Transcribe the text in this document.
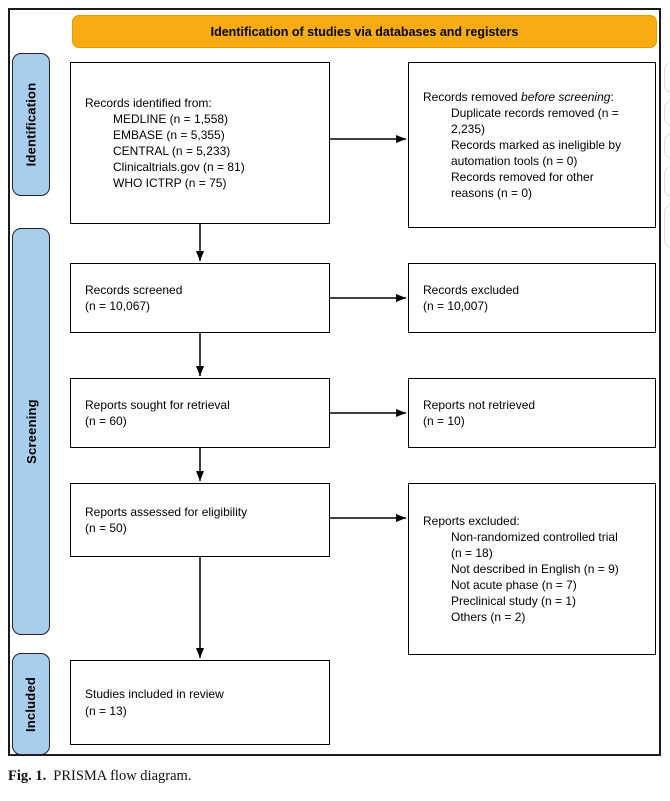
Identification of studies via databases and registers
Identification
Screening
Included
Records identified from:
MEDLINE (n = 1,558)
EMBASE (n = 5,355)
CENTRAL (n = 5,233)
Clinicaltrials.gov (n = 81)
WHO ICTRP (n = 75)
Records screened
(n = 10,067)
Reports sought for retrieval
(n = 60)
Reports assessed for eligibility
(n = 50)
Studies included in review
(n = 13)
Records removed before screening:
Duplicate records removed (n = 2,235)
Records marked as ineligible by automation tools (n = 0)
Records removed for other reasons (n = 0)
Records excluded
(n = 10,007)
Reports not retrieved
(n = 10)
Reports excluded:
Non-randomized controlled trial (n = 18)
Not described in English (n = 9)
Not acute phase (n = 7)
Preclinical study (n = 1)
Others (n = 2)
Fig. 1. PRISMA flow diagram.
